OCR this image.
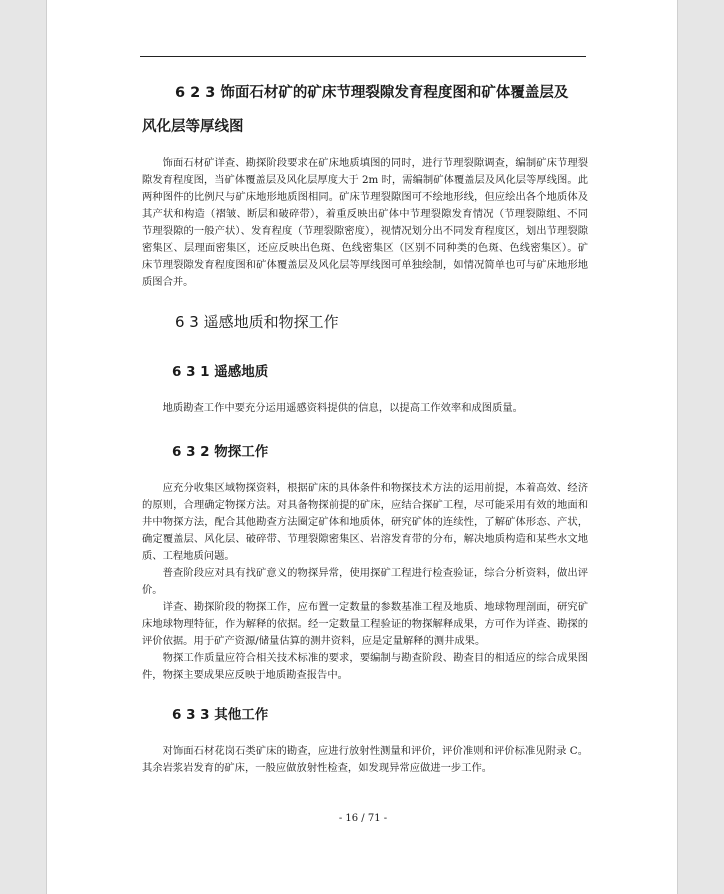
6 2 3 饰面石材矿的矿床节理裂隙发育程度图和矿体覆盖层及
风化层等厚线图

饰面石材矿详查、勘探阶段要求在矿床地质填图的同时，进行节理裂隙调查，编制矿床节理裂隙发育程度图，当矿体覆盖层及风化层厚度大于 2m 时，需编制矿体覆盖层及风化层等厚线图。此两种图件的比例尺与矿床地形地质图相同。矿床节理裂隙图可不绘地形线，但应绘出各个地质体及其产状和构造（褶皱、断层和破碎带），着重反映出矿体中节理裂隙发育情况（节理裂隙组、不同节理裂隙的一般产状）、发育程度（节理裂隙密度），视情况划分出不同发育程度区，划出节理裂隙密集区、层理面密集区，还应反映出色斑、色线密集区（区别不同种类的色斑、色线密集区）。矿床节理裂隙发育程度图和矿体覆盖层及风化层等厚线图可单独绘制，如情况简单也可与矿床地形地质图合并。

6 3 遥感地质和物探工作
6 3 1 遥感地质

地质勘查工作中要充分运用遥感资料提供的信息，以提高工作效率和成图质量。

6 3 2 物探工作

应充分收集区域物探资料，根据矿床的具体条件和物探技术方法的运用前提，本着高效、经济的原则，合理确定物探方法。对具备物探前提的矿床，应结合探矿工程，尽可能采用有效的地面和井中物探方法，配合其他勘查方法圈定矿体和地质体，研究矿体的连续性，了解矿体形态、产状，确定覆盖层、风化层、破碎带、节理裂隙密集区、岩溶发育带的分布，解决地质构造和某些水文地质、工程地质问题。

普查阶段应对具有找矿意义的物探异常，使用探矿工程进行检查验证，综合分析资料，做出评价。

详查、勘探阶段的物探工作，应布置一定数量的参数基准工程及地质、地球物理剖面，研究矿床地球物理特征，作为解释的依据。经一定数量工程验证的物探解释成果，方可作为详查、勘探的评价依据。用于矿产资源/储量估算的测井资料，应是定量解释的测井成果。

物探工作质量应符合相关技术标准的要求，要编制与勘查阶段、勘查目的相适应的综合成果图件，物探主要成果应反映于地质勘查报告中。

6 3 3 其他工作

对饰面石材花岗石类矿床的勘查，应进行放射性测量和评价，评价准则和评价标准见附录 C。其余岩浆岩发育的矿床，一般应做放射性检查，如发现异常应做进一步工作。

- 16 / 71 -
